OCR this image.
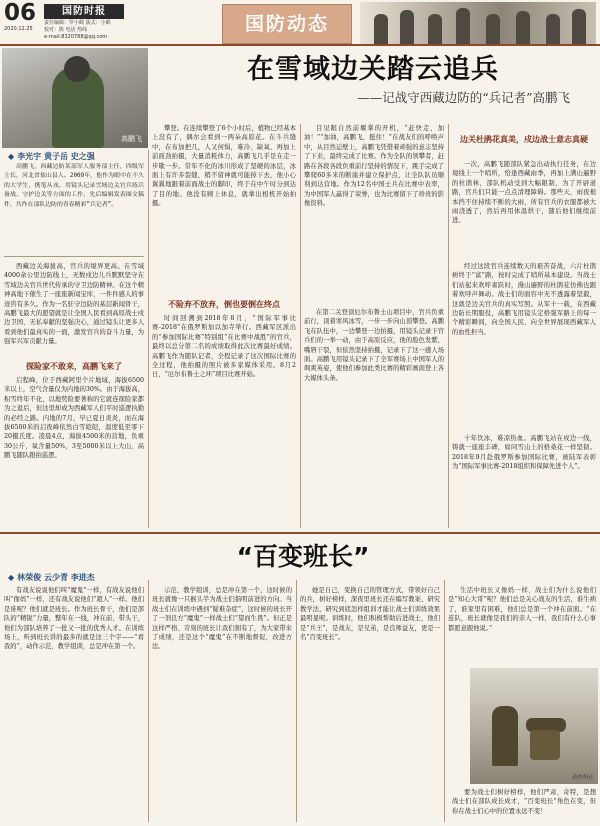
06	国防时报
2020.12.25
责任编辑：罗小鹤 版式：小鹤
校对：陈 电话 热线
e-mail:8320788@qq.com
国防动态
高鹏飞
在雪域边关踏云追兵
——记战守西藏边防的“兵记者”高鹏飞
◆ 李光宇 黄子岳 史之强

高鹏飞，西藏边防某部军人服务部主任，四级军士长，河北省盐山县人。2009年，他作为眼中在不久的大学生，携笔从戎，用镜头记录雪域边关官兵练兵备战、守护边关等方面的工作，先后编辑发表图文稿件，共作在部队边防的青春精彩“兵记者”。

西藏边关海拔高，官兵的境界更高。在雪域4000余公里边防线上，无数戍边儿兵默默坚守在雪域边关官兵世代传承的守卫边防精神。在这个精神高地下催生了一座座新闻宝库，一件件感人的事迹咨有多久。作为一名驻守边防的基层新闻骨干，高鹏飞最大的愿望就是让全国人民看到高原战士戍边卫国、无私奉献的坚强决心，通过镜头让更多人看到他们最真实的一面，激发官兵的奋斗力量，为强军兴军贡献力量。

探险家不敢来，高鹏飞来了

启程峰，位于西藏阿里个片地域，海拔6500米以上，空气含量仅为内地的30%。由于海拔高，积雪终年不化，以地势险要著称的它就连探险家都为之退后，但这里却成为西藏军人们平时巡逻执勤的必经之路。内地的7月，早已夏日炎炎，而在海拔6500米的启夜峰依然白雪皑皑，温度低至零下20摄氏度。凌晨4点，海拔4500米的营地，负重30公斤，氧含量50%，3至5000米以上大山，高鹏飞随队跟拍巡逻。

攀登。在连续攀登了6个小时后，植物已经基本上没有了，偶尔会看到一两朵高原花。在斗兵缝中，在布加把几，人又何惧，难冷、缺氧、再加上前面劲拍摄，大量消耗体力，高鹏飞几乎是在走一步歇一步。常年不化的冰川形成了坚硬的冰层，冰面上有许多裂缝，稍不留神就可能掉下去，他小心翼翼地跟着前面战士的脚印，终于在中午时分到达了目的地。他没有顾上休息，就拿出相机开始拍摄。

不险弃不放弃，倒也要倒在终点

时间回溯到2018年8月，“国际军事比赛-2018”在俄罗斯加以加寺举行。西藏军区派出的“参加国际比赛”特别组“在比赛中战胜”的官兵，最终以总分第二名的成绩取得此次比赛最好成绩。高鹏飞作为随队记者，全程记录了这次国际比赛的全过程，他拍摄的照片被多家媒体采用。8月2日，“厄尔布鲁士之环”项目比赛开始。

目见眼自然前堰掌的开机，“赶快走，加油！”“加油，高鹏飞，挺住！”在战友们的呼唤声中，从目然运壁上，高鹏飞凭借着顽强的意志坚持了下来，最终完成了比赛。作为全队的领攀者，赶路在各段各段负重前行坚持的情况下，跳手完成了攀爬60多米的断崖并建立保护点，让全队队员顺利到达营地。作为12名中国士兵在比赛中表率，为中国军人赢得了荣誉，也为比赛留下了珍贵的影像资料。

在第二关登顶厄尔布鲁士山项目中，官兵负重前行，顶着寒风冰雪，一步一步向山顶攀登。高鹏飞在队伍中，一边攀登一边拍摄，用镜头记录下官兵们的一举一动，由于高原反应，他的脸色发紫，嘴唇干裂，但依然坚持拍摄，记录下了这一感人场面。高鹏飞用镜头记录下了全军赛场上中国军人的飒爽英姿，使他们参加此类比赛的精彩画面登上各大媒体头条。

边关杜鹃花真美，戍边战士意志真硬

一次，高鹏飞随部队紧急出动执行任务，在边境线上一个哨所，恰逢西藏雨季，再加上满山遍野的杜鹃林，部队机动受到大幅限制，为了开辟道路，官兵们只能一点点清理障碍。那些天，雨夜根本挡不住持续不断的大雨，所有官兵的衣服都被大雨浇透了，然后再用体温烘干，随后他们继续前进。

经过这段官兵连续数天的艰苦奋战，六片杜鹃树终于“富”路，按时完成了哨所基本建设。当战士们站起来欢呼雀跃时，漫山遍野的杜鹃花仿佛也跟着欢呼声舞动。战士们的面容中无不透露着坚毅，这就是边关官兵的真实写照。从军十一载，在西藏边防长期服役，高鹏飞用镜头定格强军路上的每一个精彩瞬间，向全国人民，向全世界展现西藏军人的血性担当。

十年饮冰，难凉热血。高鹏飞站在戍边一线，铸就一座座丰碑，如同雪山上的格桑花一样坚韧。2018年9月赴俄罗斯参加国际比赛，被陆军表彰为“国际军事比赛-2018组织和保障先进个人”。

“百变班长”
◆ 林荣俊 云少青 李进杰

有战友说说他们叫“魔鬼”一样，有战友说他们叫“像妈”一样，还有战友说他们“超人”一样。他们是谁呢？他们就是班长。作为班长骨干，他们是部队的“精锐”力量，整年在一线，冲在前、带头干，他们为部队培养了一批又一批的优秀人才。在训练场上，听到班长讲的最多的就是这三个字——“看我的”，动作示范，教学组训，总是冲在第一个。

示范、教学组训，总是冲在第一个，这时候的班长就像一只猴头半为战士们指明前进的方向。当战士们在训练中遇到“疑难杂症”，这时候的班长开了一剂良方“魔鬼”一样战士们“望而生畏”。但正是这样严格、苛刻的班长让我们拥有了，为大家带来了成绩，还是这个“魔鬼”在不断地督促，改进方法。

她是自己，变换自己的管理方式，带领好自己的兵，树好榜样，深夜里班长还在编写教案、研究教学法，研究到底怎样组训才能让战士们训练效果最明显呢。训练时，他们积极帮助后进战士，他们是“兵王”，是战友，是兄弟，是良师益友，更是一名“百变班长”。

生活中班长又像妈一样，战士们为什么说他们是“知心大哥”呢？他们总是关心战友的生活，谁生病了，谁家里有困难，他们总是第一个冲在前面。“在连队，班长就像是我们的亲人一样，我们有什么心事都愿意跟他说。”

动作纠正

要为战士们树好榜样，他们严肃、奇特，是想战士们在部队成长成才，“百变班长”角色在变，但你在战士们心中的位置永远不变！
